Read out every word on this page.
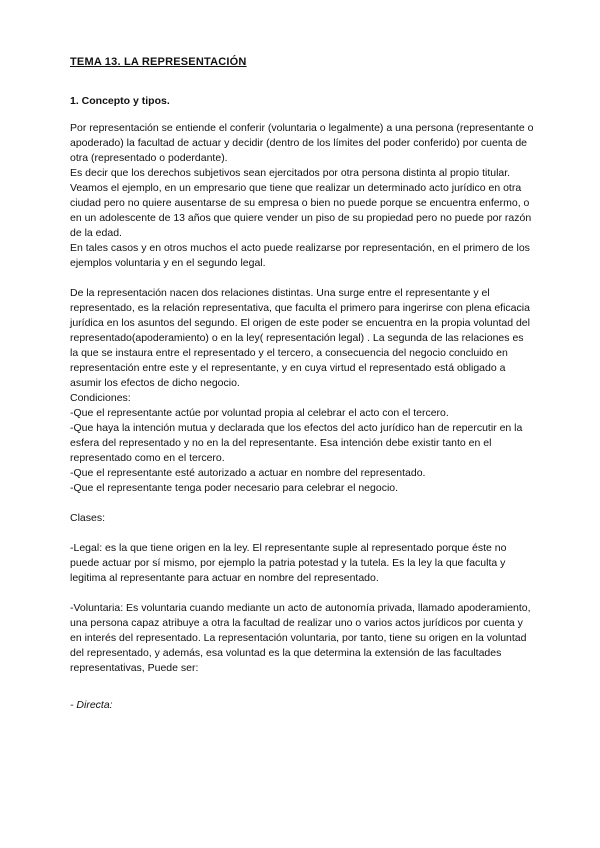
TEMA 13. LA REPRESENTACIÓN
1. Concepto y tipos.

Por representación se entiende el conferir (voluntaria o legalmente) a una persona (representante o apoderado) la facultad de actuar y decidir (dentro de los límites del poder conferido) por cuenta de otra (representado o poderdante).

Es decir que los derechos subjetivos sean ejercitados por otra persona distinta al propio titular.

Veamos el ejemplo, en un empresario que tiene que realizar un determinado acto jurídico en otra ciudad pero no quiere ausentarse de su empresa o bien no puede porque se encuentra enfermo, o en un adolescente de 13 años que quiere vender un piso de su propiedad pero no puede por razón de la edad.

En tales casos y en otros muchos el acto puede realizarse por representación, en el primero de los ejemplos voluntaria y en el segundo legal.

De la representación nacen dos relaciones distintas. Una surge entre el representante y el representado, es la relación representativa, que faculta el primero para ingerirse con plena eficacia jurídica en los asuntos del segundo. El origen de este poder se encuentra en la propia voluntad del representado(apoderamiento) o en la ley( representación legal) . La segunda de las relaciones es la que se instaura entre el representado y el tercero, a consecuencia del negocio concluido en representación entre este y el representante, y en cuya virtud el representado está obligado a asumir los efectos de dicho negocio.

Condiciones:

-Que el representante actúe por voluntad propia al celebrar el acto con el tercero.

-Que haya la intención mutua y declarada que los efectos del acto jurídico han de repercutir en la esfera del representado y no en la del representante. Esa intención debe existir tanto en el representado como en el tercero.

-Que el representante esté autorizado a actuar en nombre del representado.

-Que el representante tenga poder necesario para celebrar el negocio.

Clases:

-Legal: es la que tiene origen en la ley. El representante suple al representado porque éste no puede actuar por sí mismo, por ejemplo la patria potestad y la tutela. Es la ley la que faculta y legitima al representante para actuar en nombre del representado.

-Voluntaria: Es voluntaria cuando mediante un acto de autonomía privada, llamado apoderamiento, una persona capaz atribuye a otra la facultad de realizar uno o varios actos jurídicos por cuenta y en interés del representado. La representación voluntaria, por tanto, tiene su origen en la voluntad del representado, y además, esa voluntad es la que determina la extensión de las facultades representativas, Puede ser:

- Directa:
